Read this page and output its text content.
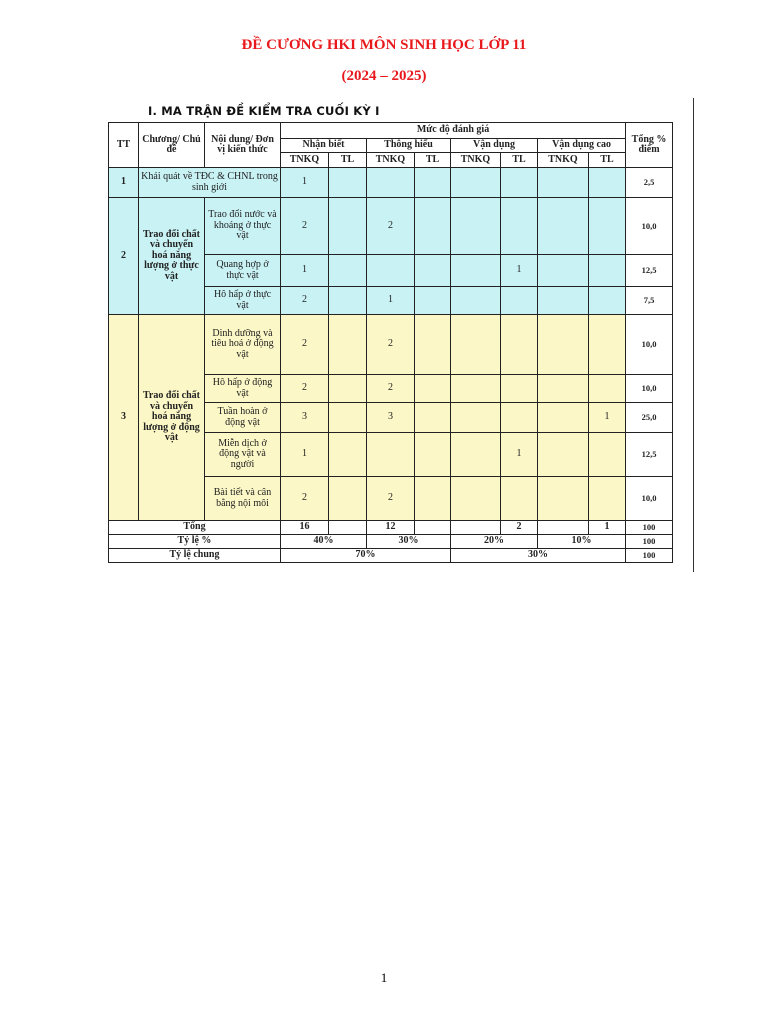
ĐỀ CƯƠNG HKI MÔN SINH HỌC LỚP 11
(2024 – 2025)
I. MA TRẬN ĐỀ KIỂM TRA CUỐI KỲ I
TT	Chương/ Chủ đề	Nội dung/ Đơn vị kiến thức	Mức độ đánh giá								Tổng % điểm
			Nhận biết		Thông hiểu		Vận dụng		Vận dụng cao		
			TNKQ	TL	TNKQ	TL	TNKQ	TL	TNKQ	TL	
1	Khái quát về TĐC & CHNL trong sinh giới		1								2,5
2	Trao đổi chất và chuyển hoá năng lượng ở thực vật	Trao đổi nước và khoáng ở thực vật	2		2						10,0
		Quang hợp ở thực vật	1					1			12,5
		Hô hấp ở thực vật	2		1						7,5
3	Trao đổi chất và chuyển hoá năng lượng ở động vật	Dinh dưỡng và tiêu hoá ở động vật	2		2						10,0
		Hô hấp ở động vật	2		2						10,0
		Tuần hoàn ở động vật	3		3					1	25,0
		Miễn dịch ở động vật và người	1					1			12,5
		Bài tiết và cân bằng nội môi	2		2						10,0
Tổng			16		12			2		1	100
Tỷ lệ %			40%		30%		20%		10%		100
Tỷ lệ chung			70%				30%				100
1
